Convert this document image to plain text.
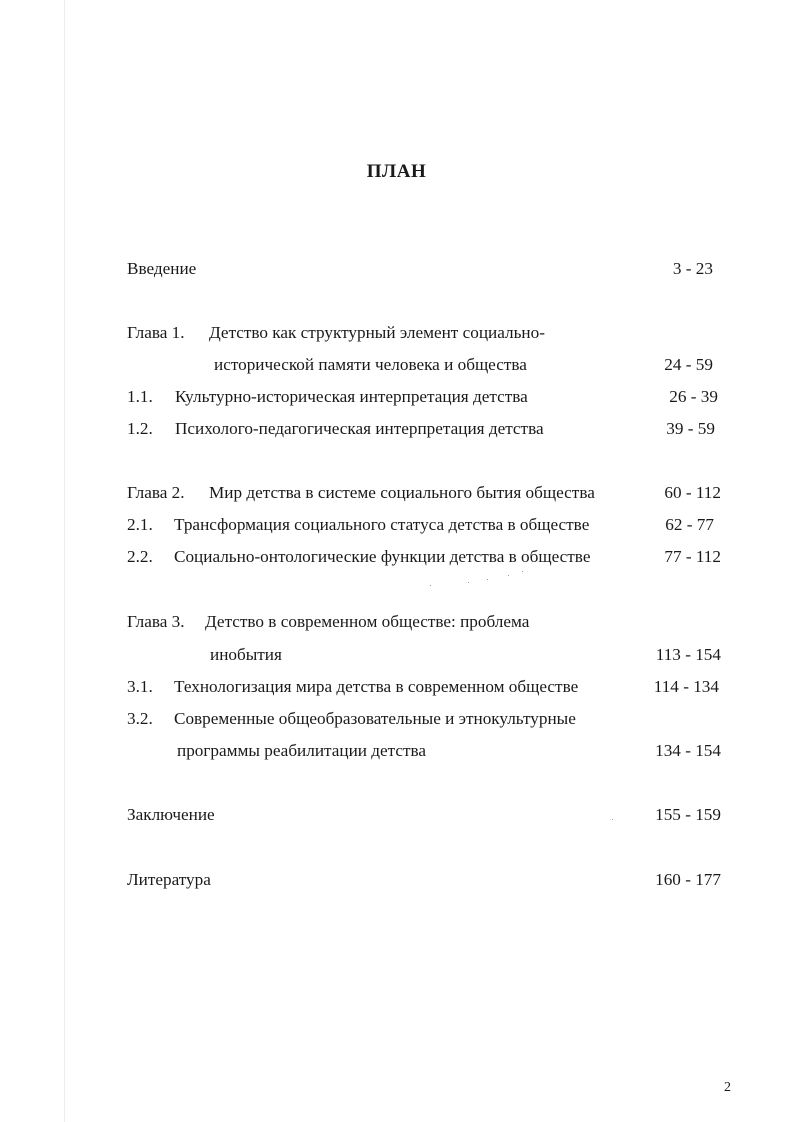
ПЛАН
Введение	3 - 23
Глава 1. Детство как структурный элемент социально-
исторической памяти человека и общества	24 - 59
1.1. Культурно-историческая интерпретация детства	26 - 39
1.2. Психолого-педагогическая интерпретация детства	39 - 59
Глава 2. Мир детства в системе социального бытия общества	60 - 112
2.1. Трансформация социального статуса детства в обществе	62 - 77
2.2. Социально-онтологические функции детства в обществе	77 - 112
Глава 3. Детство в современном обществе: проблема
инобытия	113 - 154
3.1. Технологизация мира детства в современном обществе	114 - 134
3.2. Современные общеобразовательные и этнокультурные
программы реабилитации детства	134 - 154
Заключение	155 - 159
Литература	160 - 177
2
